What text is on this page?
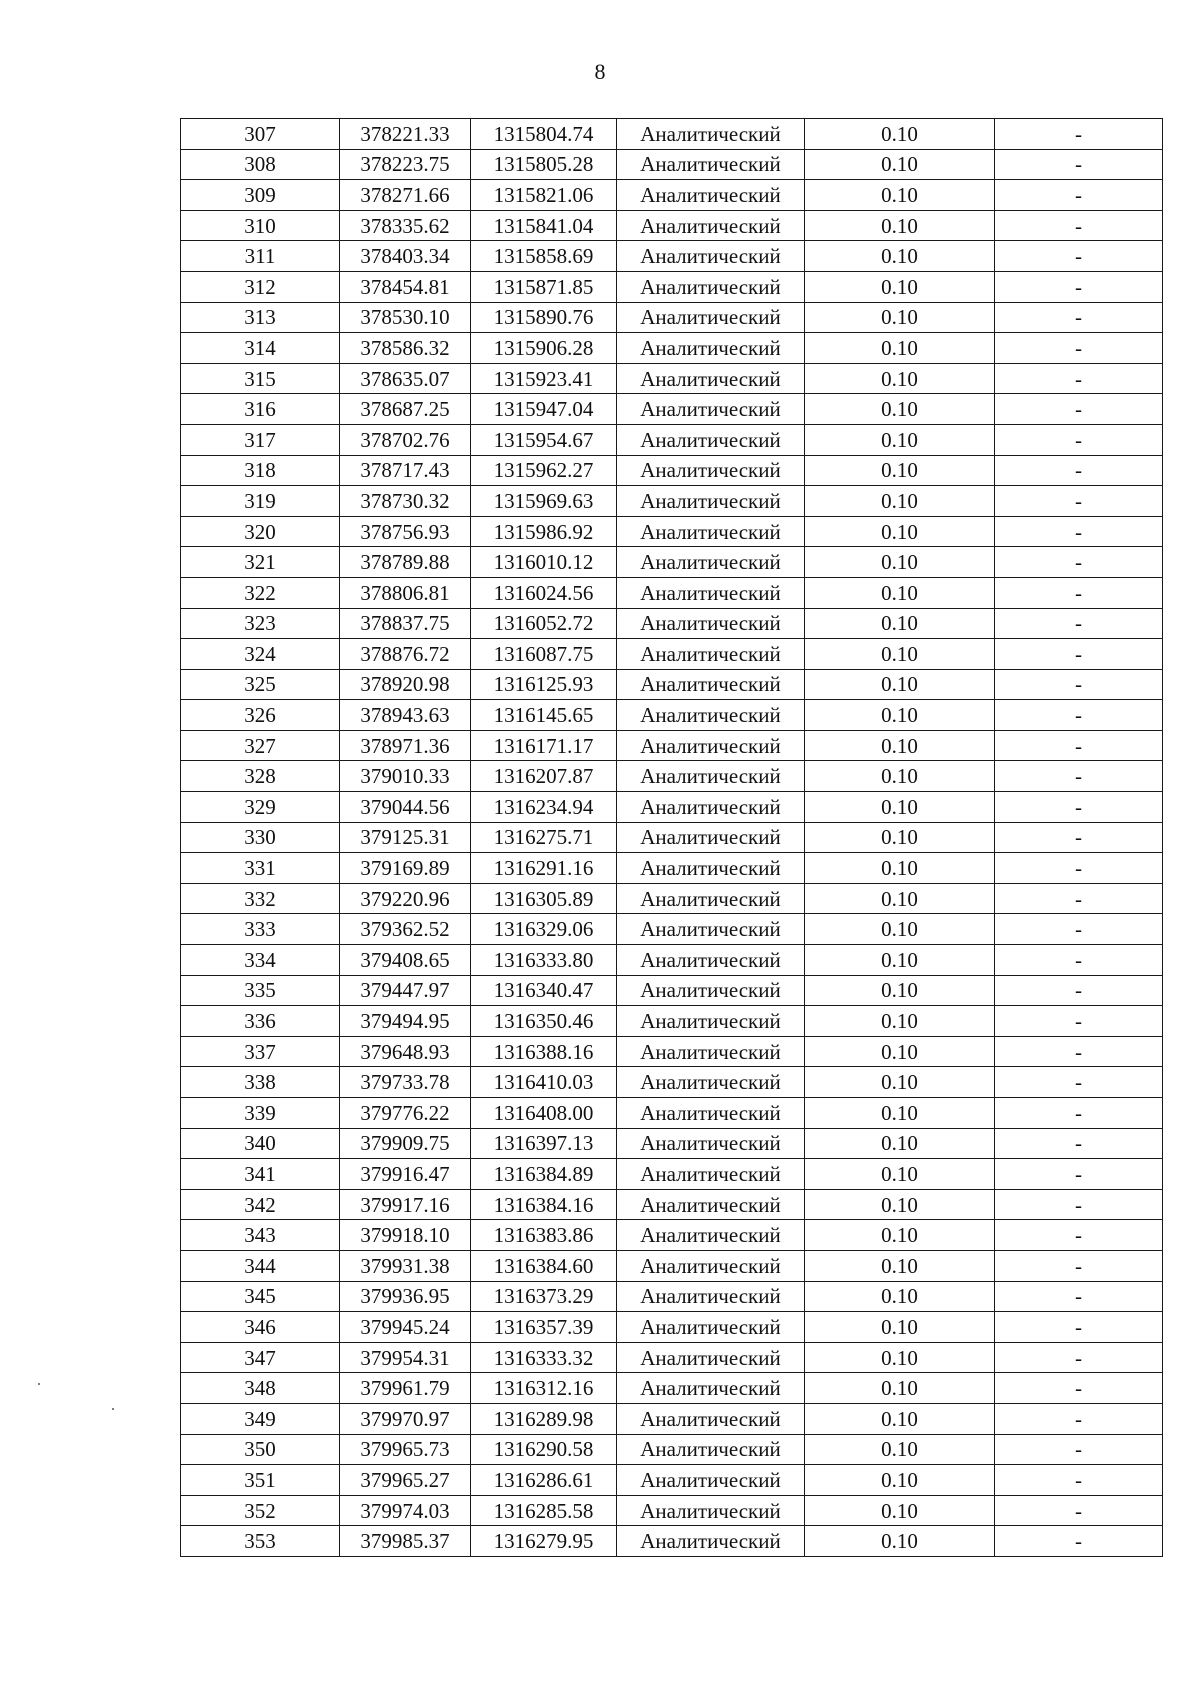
8
307	378221.33	1315804.74	Аналитический	0.10	-
308	378223.75	1315805.28	Аналитический	0.10	-
309	378271.66	1315821.06	Аналитический	0.10	-
310	378335.62	1315841.04	Аналитический	0.10	-
311	378403.34	1315858.69	Аналитический	0.10	-
312	378454.81	1315871.85	Аналитический	0.10	-
313	378530.10	1315890.76	Аналитический	0.10	-
314	378586.32	1315906.28	Аналитический	0.10	-
315	378635.07	1315923.41	Аналитический	0.10	-
316	378687.25	1315947.04	Аналитический	0.10	-
317	378702.76	1315954.67	Аналитический	0.10	-
318	378717.43	1315962.27	Аналитический	0.10	-
319	378730.32	1315969.63	Аналитический	0.10	-
320	378756.93	1315986.92	Аналитический	0.10	-
321	378789.88	1316010.12	Аналитический	0.10	-
322	378806.81	1316024.56	Аналитический	0.10	-
323	378837.75	1316052.72	Аналитический	0.10	-
324	378876.72	1316087.75	Аналитический	0.10	-
325	378920.98	1316125.93	Аналитический	0.10	-
326	378943.63	1316145.65	Аналитический	0.10	-
327	378971.36	1316171.17	Аналитический	0.10	-
328	379010.33	1316207.87	Аналитический	0.10	-
329	379044.56	1316234.94	Аналитический	0.10	-
330	379125.31	1316275.71	Аналитический	0.10	-
331	379169.89	1316291.16	Аналитический	0.10	-
332	379220.96	1316305.89	Аналитический	0.10	-
333	379362.52	1316329.06	Аналитический	0.10	-
334	379408.65	1316333.80	Аналитический	0.10	-
335	379447.97	1316340.47	Аналитический	0.10	-
336	379494.95	1316350.46	Аналитический	0.10	-
337	379648.93	1316388.16	Аналитический	0.10	-
338	379733.78	1316410.03	Аналитический	0.10	-
339	379776.22	1316408.00	Аналитический	0.10	-
340	379909.75	1316397.13	Аналитический	0.10	-
341	379916.47	1316384.89	Аналитический	0.10	-
342	379917.16	1316384.16	Аналитический	0.10	-
343	379918.10	1316383.86	Аналитический	0.10	-
344	379931.38	1316384.60	Аналитический	0.10	-
345	379936.95	1316373.29	Аналитический	0.10	-
346	379945.24	1316357.39	Аналитический	0.10	-
347	379954.31	1316333.32	Аналитический	0.10	-
348	379961.79	1316312.16	Аналитический	0.10	-
349	379970.97	1316289.98	Аналитический	0.10	-
350	379965.73	1316290.58	Аналитический	0.10	-
351	379965.27	1316286.61	Аналитический	0.10	-
352	379974.03	1316285.58	Аналитический	0.10	-
353	379985.37	1316279.95	Аналитический	0.10	-
